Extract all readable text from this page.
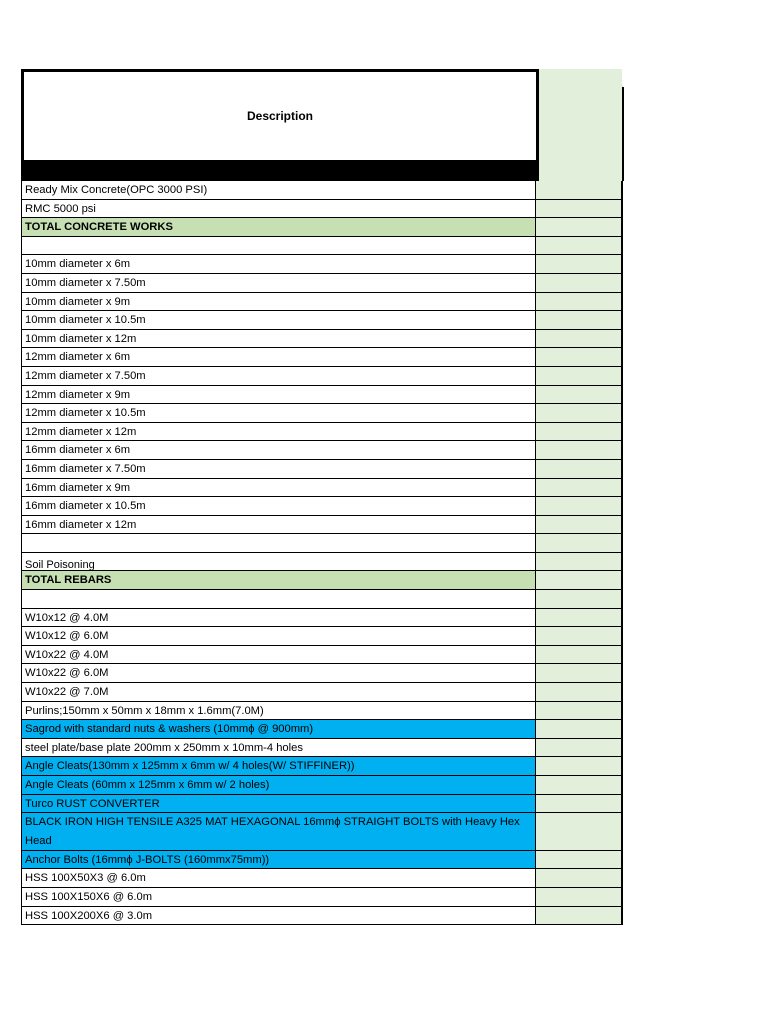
Description
Ready Mix Concrete(OPC 3000 PSI)
RMC 5000 psi
TOTAL CONCRETE WORKS
10mm diameter x 6m
10mm diameter x 7.50m
10mm diameter x 9m
10mm diameter x 10.5m
10mm diameter x 12m
12mm diameter x 6m
12mm diameter x 7.50m
12mm diameter x 9m
12mm diameter x 10.5m
12mm diameter x 12m
16mm diameter x 6m
16mm diameter x 7.50m
16mm diameter x 9m
16mm diameter x 10.5m
16mm diameter x 12m
Soil Poisoning
TOTAL REBARS
W10x12 @ 4.0M
W10x12 @ 6.0M
W10x22 @ 4.0M
W10x22 @ 6.0M
W10x22 @ 7.0M
Purlins;150mm x 50mm x 18mm x 1.6mm(7.0M)
Sagrod with standard nuts & washers (10mmϕ @ 900mm)
steel plate/base plate 200mm x 250mm x 10mm-4 holes
Angle Cleats(130mm x 125mm x 6mm w/ 4 holes(W/ STIFFINER))
Angle Cleats (60mm x 125mm x 6mm w/ 2 holes)
Turco RUST CONVERTER
BLACK IRON HIGH TENSILE A325 MAT HEXAGONAL 16mmϕ STRAIGHT BOLTS with Heavy Hex Head
Anchor Bolts (16mmϕ J-BOLTS (160mmx75mm))
HSS 100X50X3 @ 6.0m
HSS 100X150X6 @ 6.0m
HSS 100X200X6 @ 3.0m
